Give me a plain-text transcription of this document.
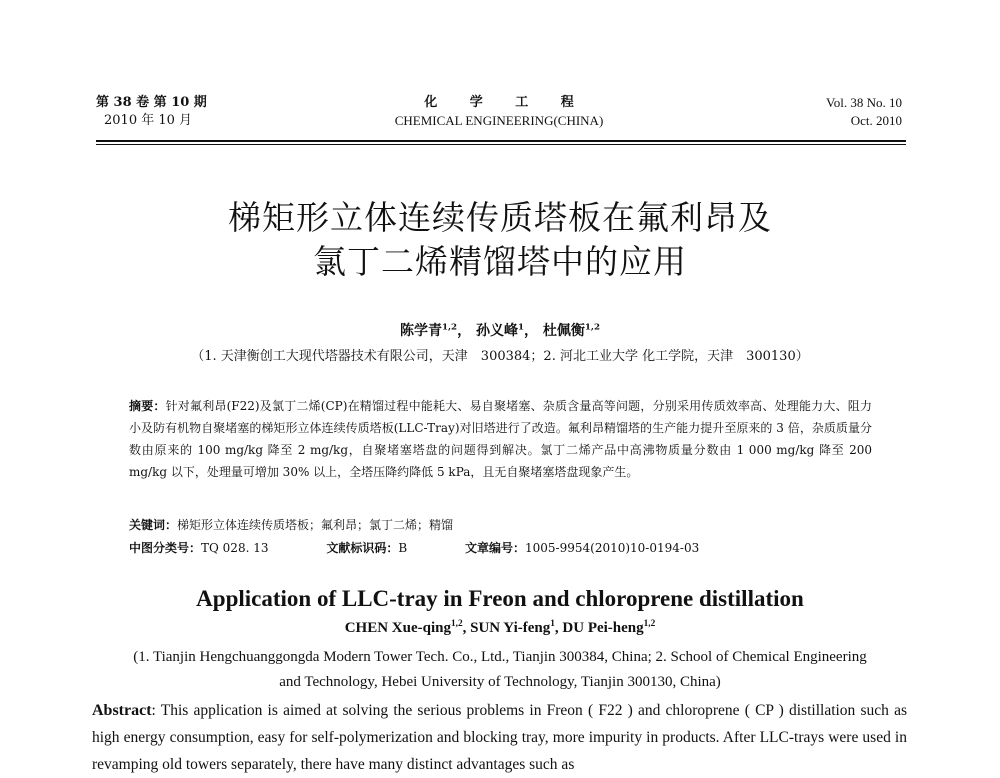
第 38 卷 第 10 期
2010 年 10 月
化 学 工 程
CHEMICAL ENGINEERING(CHINA)
Vol. 38 No. 10
Oct. 2010
梯矩形立体连续传质塔板在氟利昂及
氯丁二烯精馏塔中的应用
陈学青$^{1,2}$， 孙义峰$^1$， 杜佩衡$^{1,2}$
（1. 天津衡创工大现代塔器技术有限公司，天津　300384；2. 河北工业大学 化工学院，天津　300130）
摘要：针对氟利昂(F22)及氯丁二烯(CP)在精馏过程中能耗大、易自聚堵塞、杂质含量高等问题，分别采用传质效率高、处理能力大、阻力小及防有机物自聚堵塞的梯矩形立体连续传质塔板(LLC-Tray)对旧塔进行了改造。氟利昂精馏塔的生产能力提升至原来的 3 倍，杂质质量分数由原来的 100 mg/kg 降至 2 mg/kg，自聚堵塞塔盘的问题得到解决。氯丁二烯产品中高沸物质量分数由 1 000 mg/kg 降至 200 mg/kg 以下，处理量可增加 30% 以上，全塔压降约降低 5 kPa，且无自聚堵塞塔盘现象产生。
关键词：梯矩形立体连续传质塔板；氟利昂；氯丁二烯；精馏
中图分类号：TQ 028. 13	文献标识码：B	文章编号：1005-9954(2010)10-0194-03
Application of LLC-tray in Freon and chloroprene distillation
CHEN Xue-qing$^{1,2}$, SUN Yi-feng$^1$, DU Pei-heng$^{1,2}$
(1. Tianjin Hengchuanggongda Modern Tower Tech. Co., Ltd., Tianjin 300384, China; 2. School of Chemical Engineering and Technology, Hebei University of Technology, Tianjin 300130, China)
Abstract: This application is aimed at solving the serious problems in Freon ( F22 ) and chloroprene ( CP ) distillation such as high energy consumption, easy for self-polymerization and blocking tray, more impurity in products. After LLC-trays were used in revamping old towers separately, there have many distinct advantages such as
